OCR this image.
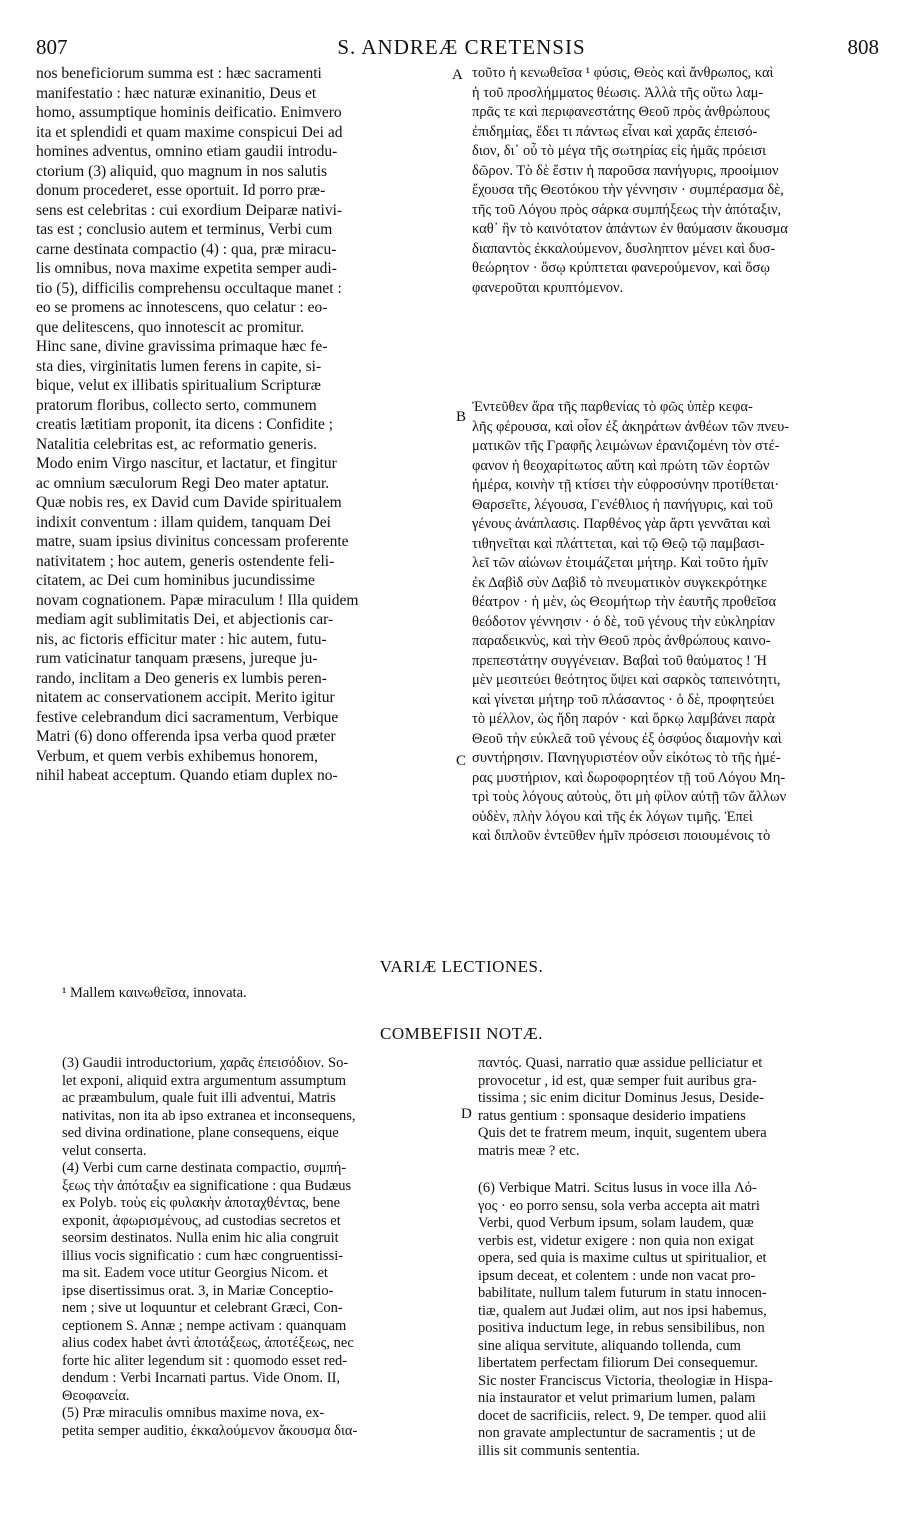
807	S. ANDREÆ CRETENSIS	808
nos beneficiorum summa est : hæc sacramenti
manifestatio : hæc naturæ exinanitio, Deus et
homo, assumptique hominis deificatio. Enimvero
ita et splendidi et quam maxime conspicui Dei ad
homines adventus, omnino etiam gaudii introdu-
ctorium (3) aliquid, quo magnum in nos salutis
donum procederet, esse oportuit. Id porro præ-
sens est celebritas : cui exordium Deiparæ nativi-
tas est ; conclusio autem et terminus, Verbi cum
carne destinata compactio (4) : qua, præ miracu-
lis omnibus, nova maxime expetita semper audi-
tio (5), difficilis comprehensu occultaque manet :
eo se promens ac innotescens, quo celatur : eo-
que delitescens, quo innotescit ac promitur.
Hinc sane, divine gravissima primaque hæc fe-
sta dies, virginitatis lumen ferens in capite, si-
bique, velut ex illibatis spiritualium Scripturæ
pratorum floribus, collecto serto, communem
creatis lætitiam proponit, ita dicens : Confidite ;
Natalitia celebritas est, ac reformatio generis.
Modo enim Virgo nascitur, et lactatur, et fingitur
ac omnium sæculorum Regi Deo mater aptatur.
Quæ nobis res, ex David cum Davide spiritualem
indixit conventum : illam quidem, tanquam Dei
matre, suam ipsius divinitus concessam proferente
nativitatem ; hoc autem, generis ostendente feli-
citatem, ac Dei cum hominibus jucundissime
novam cognationem. Papæ miraculum ! Illa quidem
mediam agit sublimitatis Dei, et abjectionis car-
nis, ac fictoris efficitur mater : hic autem, futu-
rum vaticinatur tanquam præsens, jureque ju-
rando, inclitam a Deo generis ex lumbis peren-
nitatem ac conservationem accipit. Merito igitur
festive celebrandum dici sacramentum, Verbique
Matri (6) dono offerenda ipsa verba quod præter
Verbum, et quem verbis exhibemus honorem,
nihil habeat acceptum. Quando etiam duplex no-
τοῦτο ἡ κενωθεῖσα ¹ φύσις, Θεὸς καὶ ἄνθρωπος, καὶ
ἡ τοῦ προσλήμματος θέωσις. Ἀλλὰ τῆς οὕτω λαμ-
πρᾶς τε καὶ περιφανεστάτης Θεοῦ πρὸς ἀνθρώπους
ἐπιδημίας, ἔδει τι πάντως εἶναι καὶ χαρᾶς ἐπεισό-
διον, δι᾽ οὗ τὸ μέγα τῆς σωτηρίας εἰς ἡμᾶς πρόεισι
δῶρον. Τὸ δὲ ἔστιν ἡ παροῦσα πανήγυρις, προοίμιον
ἔχουσα τῆς Θεοτόκου τὴν γέννησιν · συμπέρασμα δὲ,
τῆς τοῦ Λόγου πρὸς σάρκα συμπήξεως τὴν ἀπόταξιν,
καθ᾽ ἣν τὸ καινότατον ἁπάντων ἐν θαύμασιν ἄκουσμα
διαπαντὸς ἐκκαλούμενον, δυσληπτον μένει καὶ δυσ-
θεώρητον · ὅσῳ κρύπτεται φανερούμενον, καὶ ὅσῳ
φανεροῦται κρυπτόμενον.
Ἐντεῦθεν ἄρα τῆς παρθενίας τὸ φῶς ὑπὲρ κεφα-
λῆς φέρουσα, καὶ οἷον ἐξ ἀκηράτων ἀνθέων τῶν πνευ-
ματικῶν τῆς Γραφῆς λειμώνων ἐρανιζομένη τὸν στέ-
φανον ἡ θεοχαρίτωτος αὕτη καὶ πρώτη τῶν ἑορτῶν
ἡμέρα, κοινὴν τῇ κτίσει τὴν εὐφροσύνην προτίθεται·
Θαρσεῖτε, λέγουσα, Γενέθλιος ἡ πανήγυρις, καὶ τοῦ
γένους ἀνάπλασις. Παρθένος γὰρ ἄρτι γεννᾶται καὶ
τιθηνεῖται καὶ πλάττεται, καὶ τῷ Θεῷ τῷ παμβασι-
λεῖ τῶν αἰώνων ἑτοιμάζεται μήτηρ. Καὶ τοῦτο ἡμῖν
ἐκ Δαβὶδ σὺν Δαβὶδ τὸ πνευματικὸν συγκεκρότηκε
θέατρον · ἡ μὲν, ὡς Θεομήτωρ τὴν ἑαυτῆς προθεῖσα
θεόδοτον γέννησιν · ὁ δὲ, τοῦ γένους τὴν εὐκληρίαν
παραδεικνὺς, καὶ τὴν Θεοῦ πρὸς ἀνθρώπους καινο-
πρεπεστάτην συγγένειαν. Βαβαὶ τοῦ θαύματος ! Ἡ
μὲν μεσιτεύει θεότητος ὕψει καὶ σαρκὸς ταπεινότητι,
καὶ γίνεται μήτηρ τοῦ πλάσαντος · ὁ δὲ, προφητεύει
τὸ μέλλον, ὡς ἤδη παρόν · καὶ ὅρκῳ λαμβάνει παρὰ
Θεοῦ τὴν εὐκλεᾶ τοῦ γένους ἐξ ὀσφύος διαμονὴν καὶ
συντήρησιν. Πανηγυριστέον οὖν εἰκότως τὸ τῆς ἡμέ-
ρας μυστήριον, καὶ δωροφορητέον τῇ τοῦ Λόγου Μη-
τρὶ τοὺς λόγους αὐτοὺς, ὅτι μὴ φίλον αὐτῇ τῶν ἄλλων
οὐδὲν, πλὴν λόγου καὶ τῆς ἐκ λόγων τιμῆς. Ἐπεὶ
καὶ διπλοῦν ἐντεῦθεν ἡμῖν πρόσεισι ποιουμένοις τὸ
A
B
C
D
VARIÆ LECTIONES.
¹ Mallem καινωθεῖσα, innovata.
COMBEFISII NOTÆ.
(3) Gaudii introductorium, χαρᾶς ἐπεισόδιον. So-
let exponi, aliquid extra argumentum assumptum
ac præambulum, quale fuit illi adventui, Matris
nativitas, non ita ab ipso extranea et inconsequens,
sed divina ordinatione, plane consequens, eique
velut conserta.
(4) Verbi cum carne destinata compactio, συμπή-
ξεως τὴν ἀπόταξιν ea significatione : qua Budæus
ex Polyb. τοὺς εἰς φυλακὴν ἀποταχθέντας, bene
exponit, ἀφωρισμένους, ad custodias secretos et
seorsim destinatos. Nulla enim hic alia congruit
illius vocis significatio : cum hæc congruentissi-
ma sit. Eadem voce utitur Georgius Nicom. et
ipse disertissimus orat. 3, in Mariæ Conceptio-
nem ; sive ut loquuntur et celebrant Græci, Con-
ceptionem S. Annæ ; nempe activam : quanquam
alius codex habet ἀντὶ ἀποτάξεως, ἀποτέξεως, nec
forte hic aliter legendum sit : quomodo esset red-
dendum : Verbi Incarnati partus. Vide Onom. II,
Θεοφανεία.
(5) Præ miraculis omnibus maxime nova, ex-
petita semper auditio, ἐκκαλούμενον ἄκουσμα δια-
παντός. Quasi, narratio quæ assidue pelliciatur et
provocetur , id est, quæ semper fuit auribus gra-
tissima ; sic enim dicitur Dominus Jesus, Deside-
ratus gentium : sponsaque desiderio impatiens
Quis det te fratrem meum, inquit, sugentem ubera
matris meæ ? etc.
(6) Verbique Matri. Scitus lusus in voce illa Λό-
γος · eo porro sensu, sola verba accepta ait matri
Verbi, quod Verbum ipsum, solam laudem, quæ
verbis est, videtur exigere : non quia non exigat
opera, sed quia is maxime cultus ut spiritualior, et
ipsum deceat, et colentem : unde non vacat pro-
babilitate, nullum talem futurum in statu innocen-
tiæ, qualem aut Judæi olim, aut nos ipsi habemus,
positiva inductum lege, in rebus sensibilibus, non
sine aliqua servitute, aliquando tollenda, cum
libertatem perfectam filiorum Dei consequemur.
Sic noster Franciscus Victoria, theologiæ in Hispa-
nia instaurator et velut primarium lumen, palam
docet de sacrificiis, relect. 9, De temper. quod alii
non gravate amplectuntur de sacramentis ; ut de
illis sit communis sententia.
